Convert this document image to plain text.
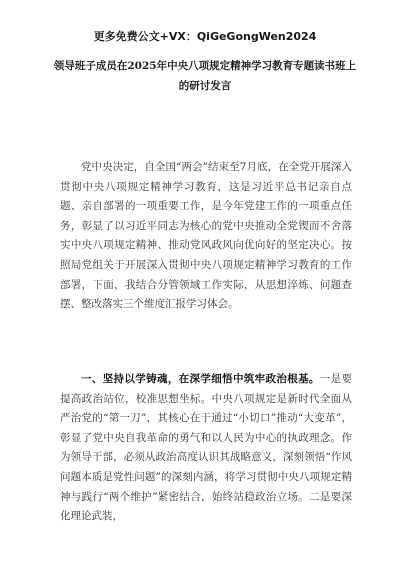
更多免费公文+VX：QiGeGongWen2024
领导班子成员在2025年中央八项规定精神学习教育专题读书班上的研讨发言

党中央决定，自全国“两会”结束至7月底，在全党开展深入贯彻中央八项规定精神学习教育，这是习近平总书记亲自点题、亲自部署的一项重要工作，是今年党建工作的一项重点任务，彰显了以习近平同志为核心的党中央推动全党锲而不舍落实中央八项规定精神、推动党风政风向优向好的坚定决心。按照局党组关于开展深入贯彻中央八项规定精神学习教育的工作部署，下面，我结合分管领域工作实际，从思想淬炼、问题查摆、整改落实三个维度汇报学习体会。

一、坚持以学铸魂，在深学细悟中筑牢政治根基。一是要提高政治站位，校准思想坐标。中央八项规定是新时代全面从严治党的“第一刀”，其核心在于通过“小切口”推动“大变革”，彰显了党中央自我革命的勇气和以人民为中心的执政理念。作为领导干部，必须从政治高度认识其战略意义，深刻领悟“作风问题本质是党性问题”的深刻内涵，将学习贯彻中央八项规定精神与践行“两个维护”紧密结合，始终站稳政治立场。二是要深化理论武装，
